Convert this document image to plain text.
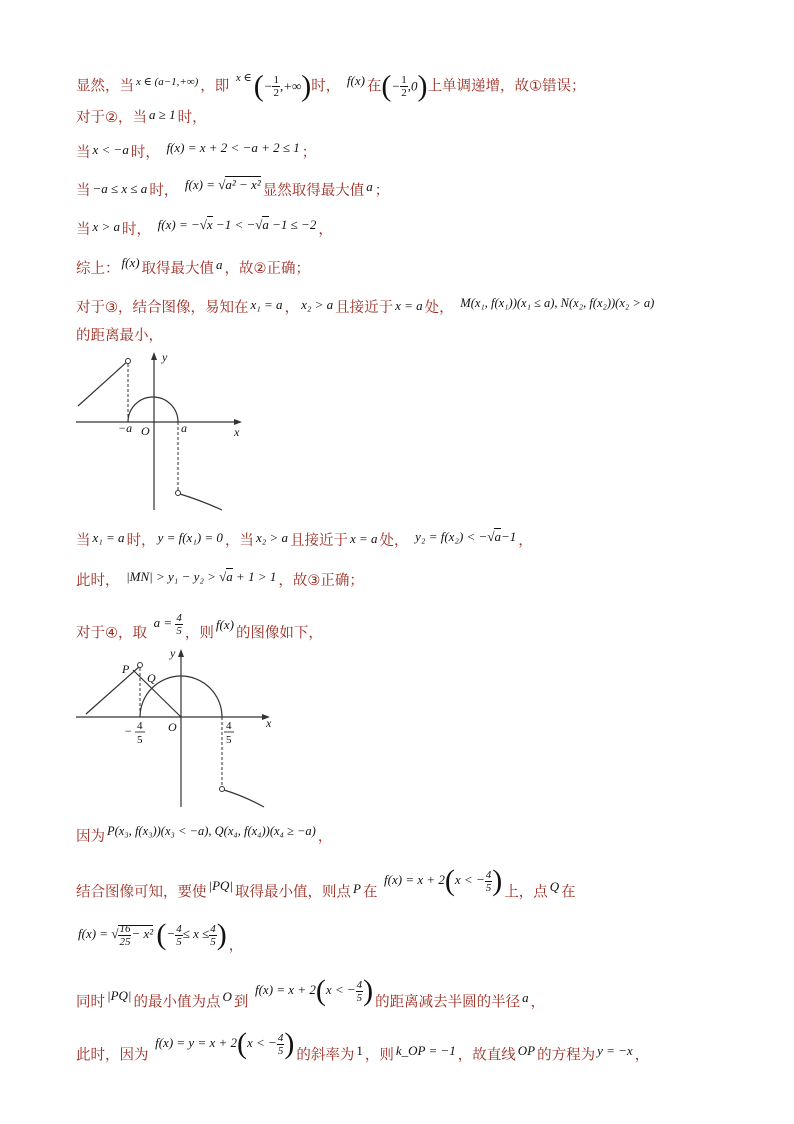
显然，当 $^{x \in (a-1,+\infty)}$ ，即 $^{x \in}(- \frac{1}{2}$ ,+∞)时， f(x) 在(− $\frac{1}{2} ,0$)上单调递增，故①错误；
对于②，当 a ≥ 1 时，
当 x < −a 时， f(x) = x + 2 < −a + 2 ≤ 1 ；
当 −a ≤ x ≤ a 时， f(x) = √a² − x² 显然取得最大值 a ；
当 x > a 时， f(x) = −√x −1 < −√a −1 ≤ −2 ，
综上： f(x) 取得最大值 a ，故②正确；
对于③，结合图像，易知在 x₁ = a ， x₂ > a 且接近于 x = a 处， M(x₁, f(x₁))(x₁ ≤ a), N(x₂, f(x₂))(x₂ > a)
的距离最小，
y
x
O
−a	a
当 x₁ = a 时， y = f(x₁) = 0 ，当 x₂ > a 且接近于 x = a 处， y₂ = f(x₂) < −√a−1 ，
此时， |MN| > y₁ − y₂ > √a + 1 > 1 ，故③正确；
对于④，取 $a = \frac{4}{5}$ ，则f(x)的图像如下，
y
x
O
P
Q
− 4
5
4
5
因为 P(x₃, f(x₃))(x₃ < −a), Q(x₄, f(x₄))(x₄ ≥ −a) ，
结合图像可知，要使 |PQ| 取得最小值，则点 P 在 f(x) = x + 2(x < − $\frac{4}{5}$ ) 上，点 Q 在
f(x) = √ $\frac{16}{25} - x^2$ (− $\frac{4}{5} \le x \le \frac{4}{5}$ ) ，
同时 |PQ| 的最小值为点 O 到 f(x) = x + 2(x < − $\frac{4}{5}$ ) 的距离减去半圆的半径 a ，
此时，因为 f(x) = y = x + 2(x < − $\frac{4}{5}$ ) 的斜率为 1 ，则 k_OP = −1 ，故直线 OP 的方程为 y = −x ，
